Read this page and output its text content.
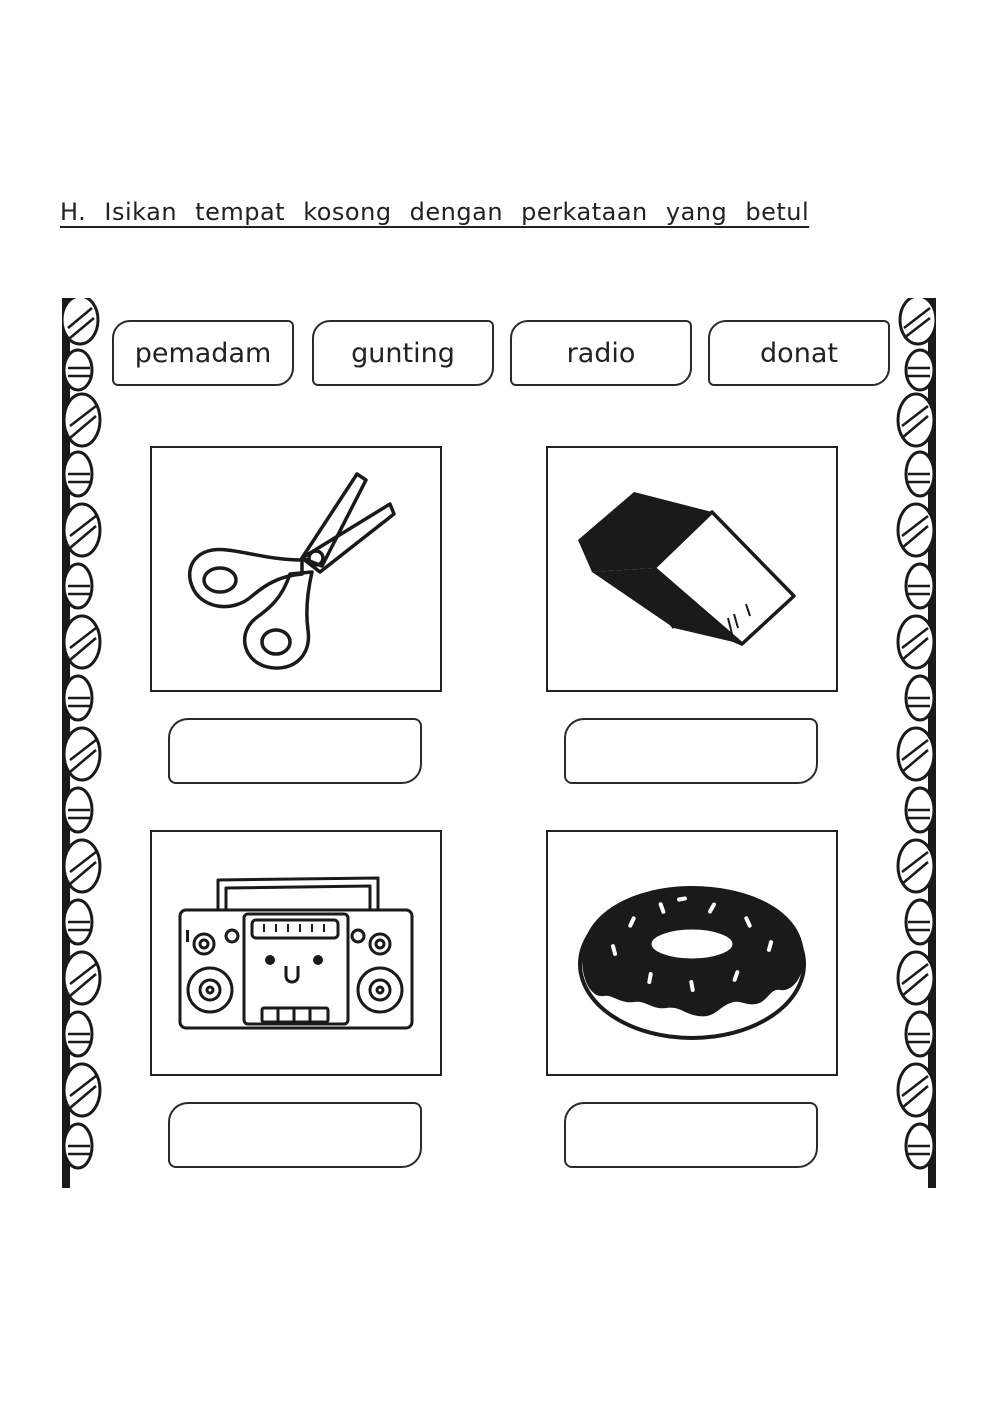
H. Isikan tempat kosong dengan perkataan yang betul
pemadam	gunting	radio	donat
